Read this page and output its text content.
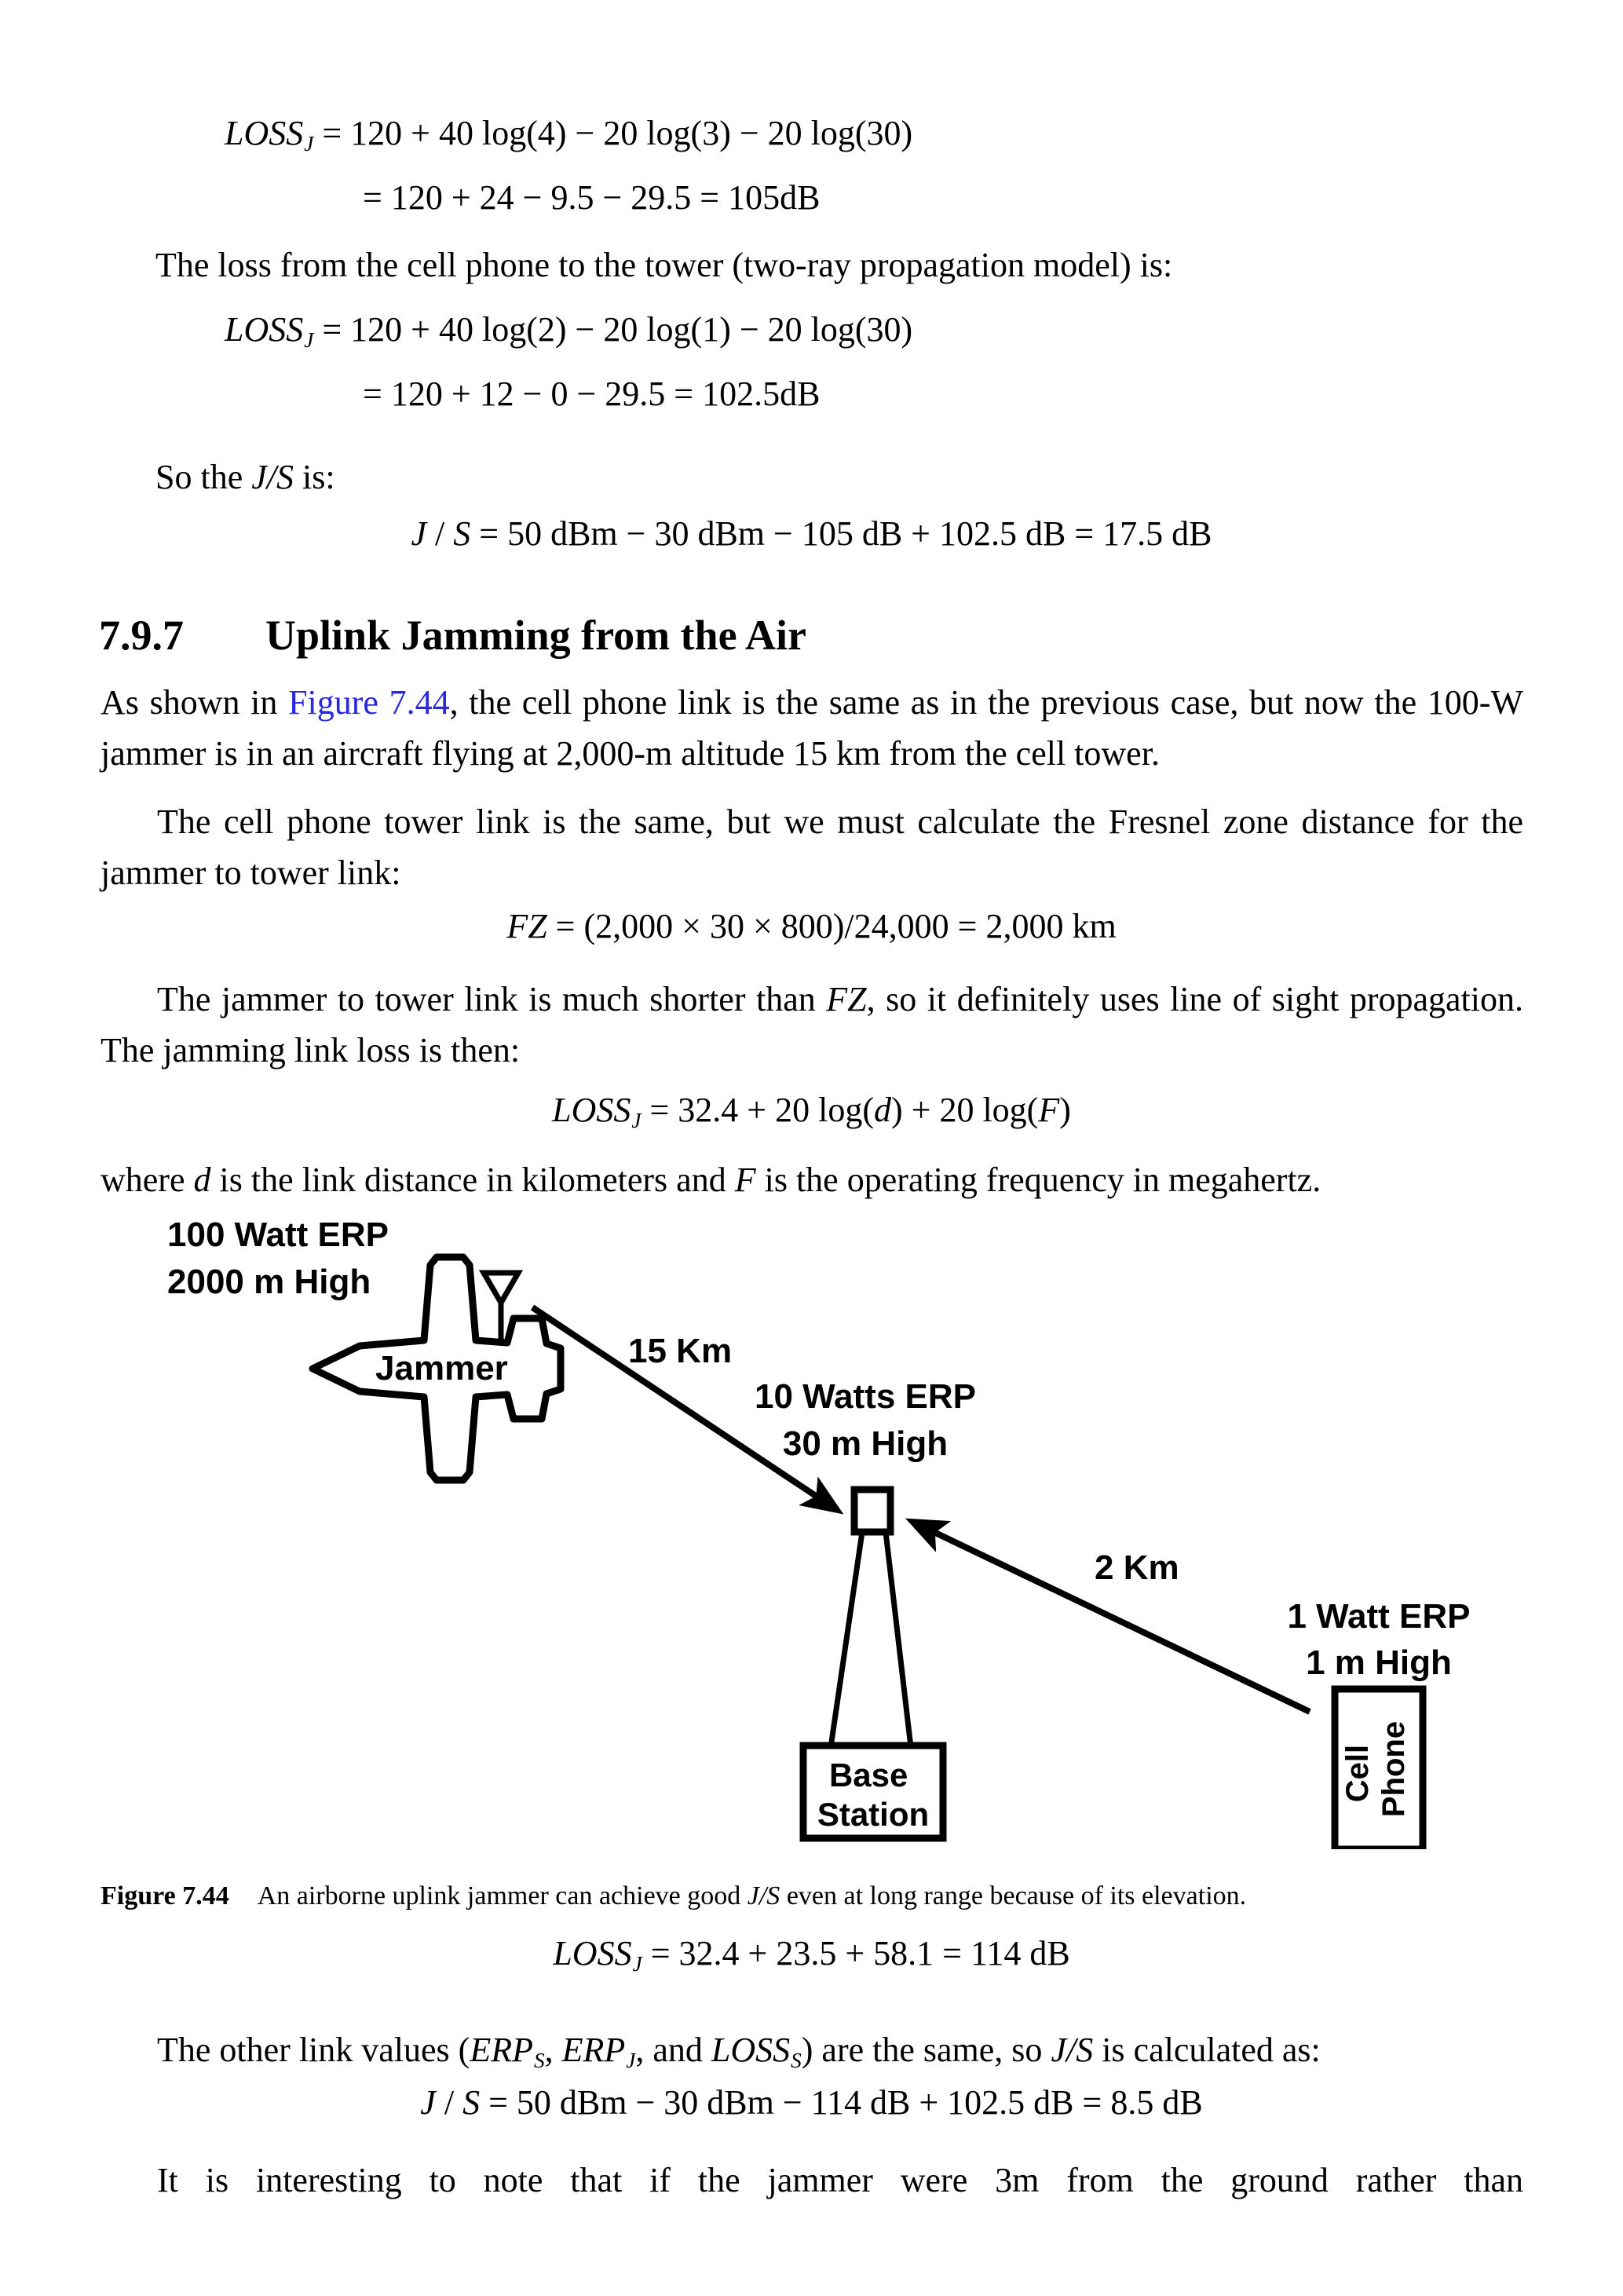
LOSSJ = 120 + 40 log(4) − 20 log(3) − 20 log(30)
= 120 + 24 − 9.5 − 29.5 = 105dB
The loss from the cell phone to the tower (two-ray propagation model) is:
LOSSJ = 120 + 40 log(2) − 20 log(1) − 20 log(30)
= 120 + 12 − 0 − 29.5 = 102.5dB
So the J/S is:
J / S = 50 dBm − 30 dBm − 105 dB + 102.5 dB = 17.5 dB
7.9.7 Uplink Jamming from the Air

As shown in Figure 7.44, the cell phone link is the same as in the previous case, but now the 100-W jammer is in an aircraft flying at 2,000-m altitude 15 km from the cell tower.

The cell phone tower link is the same, but we must calculate the Fresnel zone distance for the jammer to tower link:

FZ = (2,000 × 30 × 800)/24,000 = 2,000 km

The jammer to tower link is much shorter than FZ, so it definitely uses line of sight propagation. The jamming link loss is then:

LOSSJ = 32.4 + 20 log(d) + 20 log(F)

where d is the link distance in kilometers and F is the operating frequency in megahertz.

100 Watt ERP
2000 m High
Jammer	15 Km
10 Watts ERP
30 m High
2 Km
1 Watt ERP
1 m High
Cell Phone
Base Station
Figure 7.44 An airborne uplink jammer can achieve good J/S even at long range because of its elevation.
LOSSJ = 32.4 + 23.5 + 58.1 = 114 dB

The other link values (ERPS, ERPJ, and LOSSS) are the same, so J/S is calculated as:

J / S = 50 dBm − 30 dBm − 114 dB + 102.5 dB = 8.5 dB

It is interesting to note that if the jammer were 3m from the ground rather than
